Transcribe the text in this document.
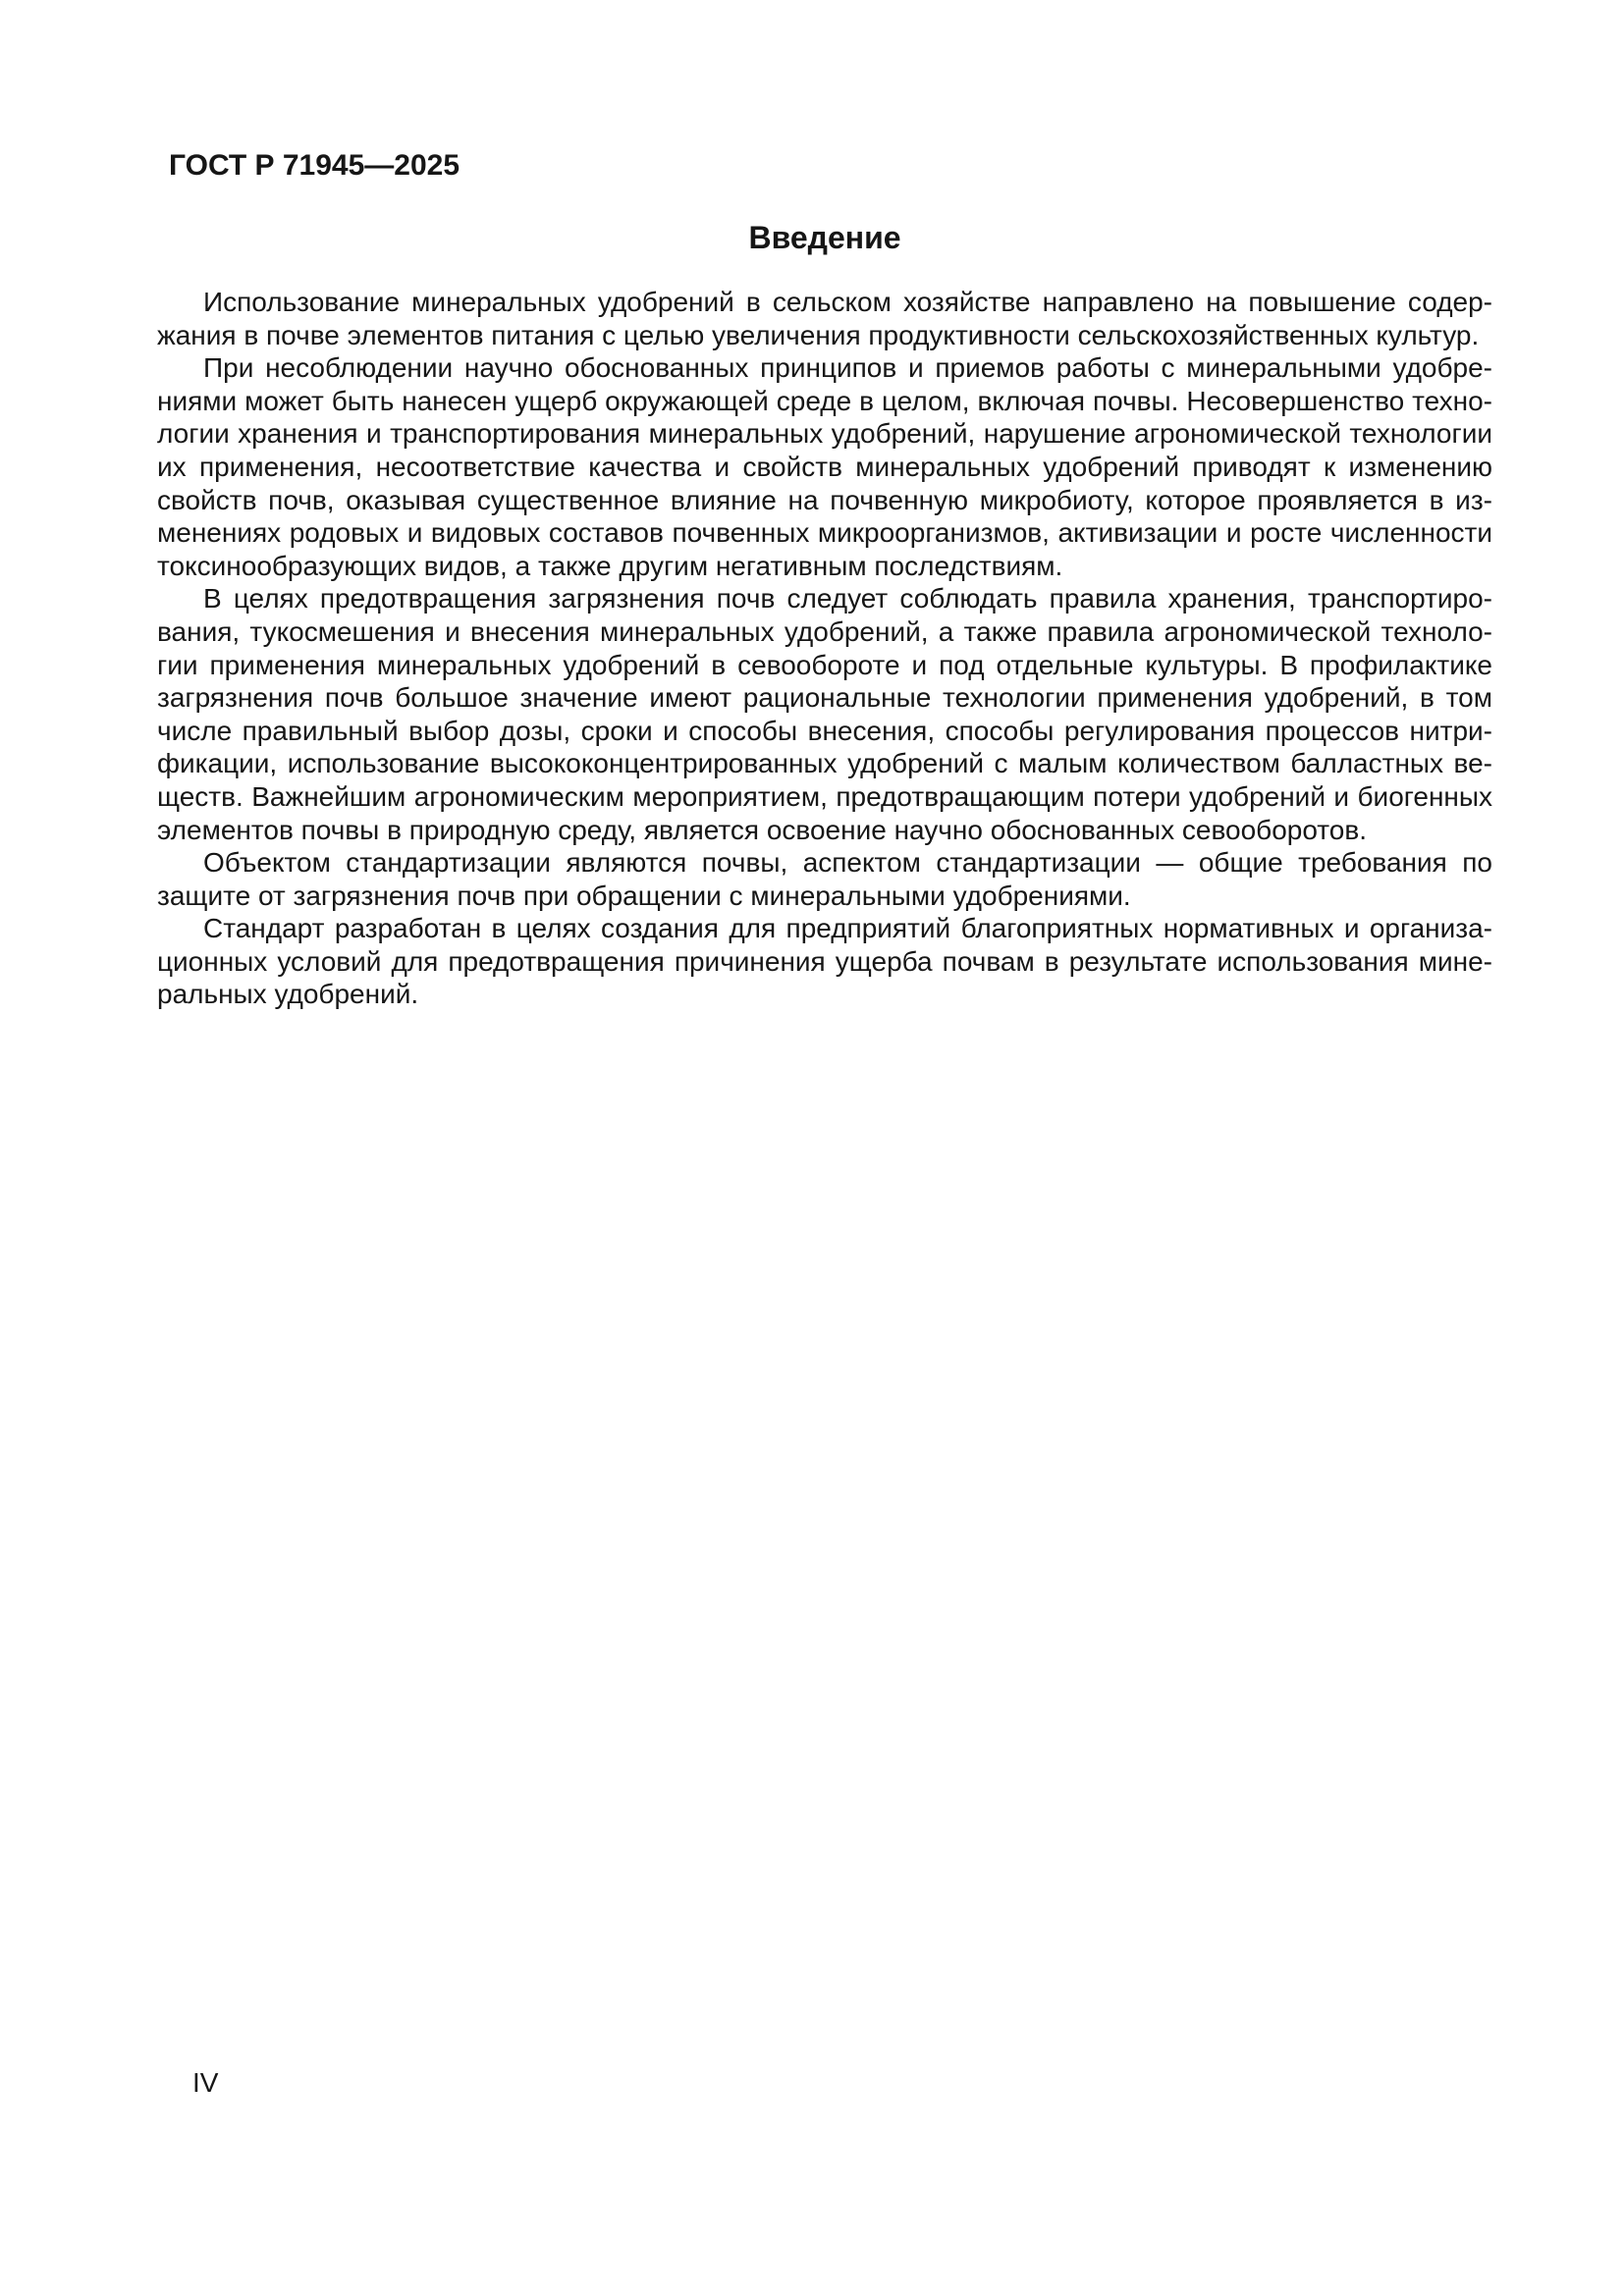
ГОСТ Р 71945—2025
Введение
Использование минеральных удобрений в сельском хозяйстве направлено на повышение содер-
жания в почве элементов питания с целью увеличения продуктивности сельскохозяйственных культур.
При несоблюдении научно обоснованных принципов и приемов работы с минеральными удобре-
ниями может быть нанесен ущерб окружающей среде в целом, включая почвы. Несовершенство техно-
логии хранения и транспортирования минеральных удобрений, нарушение агрономической технологии
их применения, несоответствие качества и свойств минеральных удобрений приводят к изменению
свойств почв, оказывая существенное влияние на почвенную микробиоту, которое проявляется в из-
менениях родовых и видовых составов почвенных микроорганизмов, активизации и росте численности
токсинообразующих видов, а также другим негативным последствиям.
В целях предотвращения загрязнения почв следует соблюдать правила хранения, транспортиро-
вания, тукосмешения и внесения минеральных удобрений, а также правила агрономической техноло-
гии применения минеральных удобрений в севообороте и под отдельные культуры. В профилактике
загрязнения почв большое значение имеют рациональные технологии применения удобрений, в том
числе правильный выбор дозы, сроки и способы внесения, способы регулирования процессов нитри-
фикации, использование высококонцентрированных удобрений с малым количеством балластных ве-
ществ. Важнейшим агрономическим мероприятием, предотвращающим потери удобрений и биогенных
элементов почвы в природную среду, является освоение научно обоснованных севооборотов.
Объектом стандартизации являются почвы, аспектом стандартизации — общие требования по
защите от загрязнения почв при обращении с минеральными удобрениями.
Стандарт разработан в целях создания для предприятий благоприятных нормативных и организа-
ционных условий для предотвращения причинения ущерба почвам в результате использования мине-
ральных удобрений.
IV
